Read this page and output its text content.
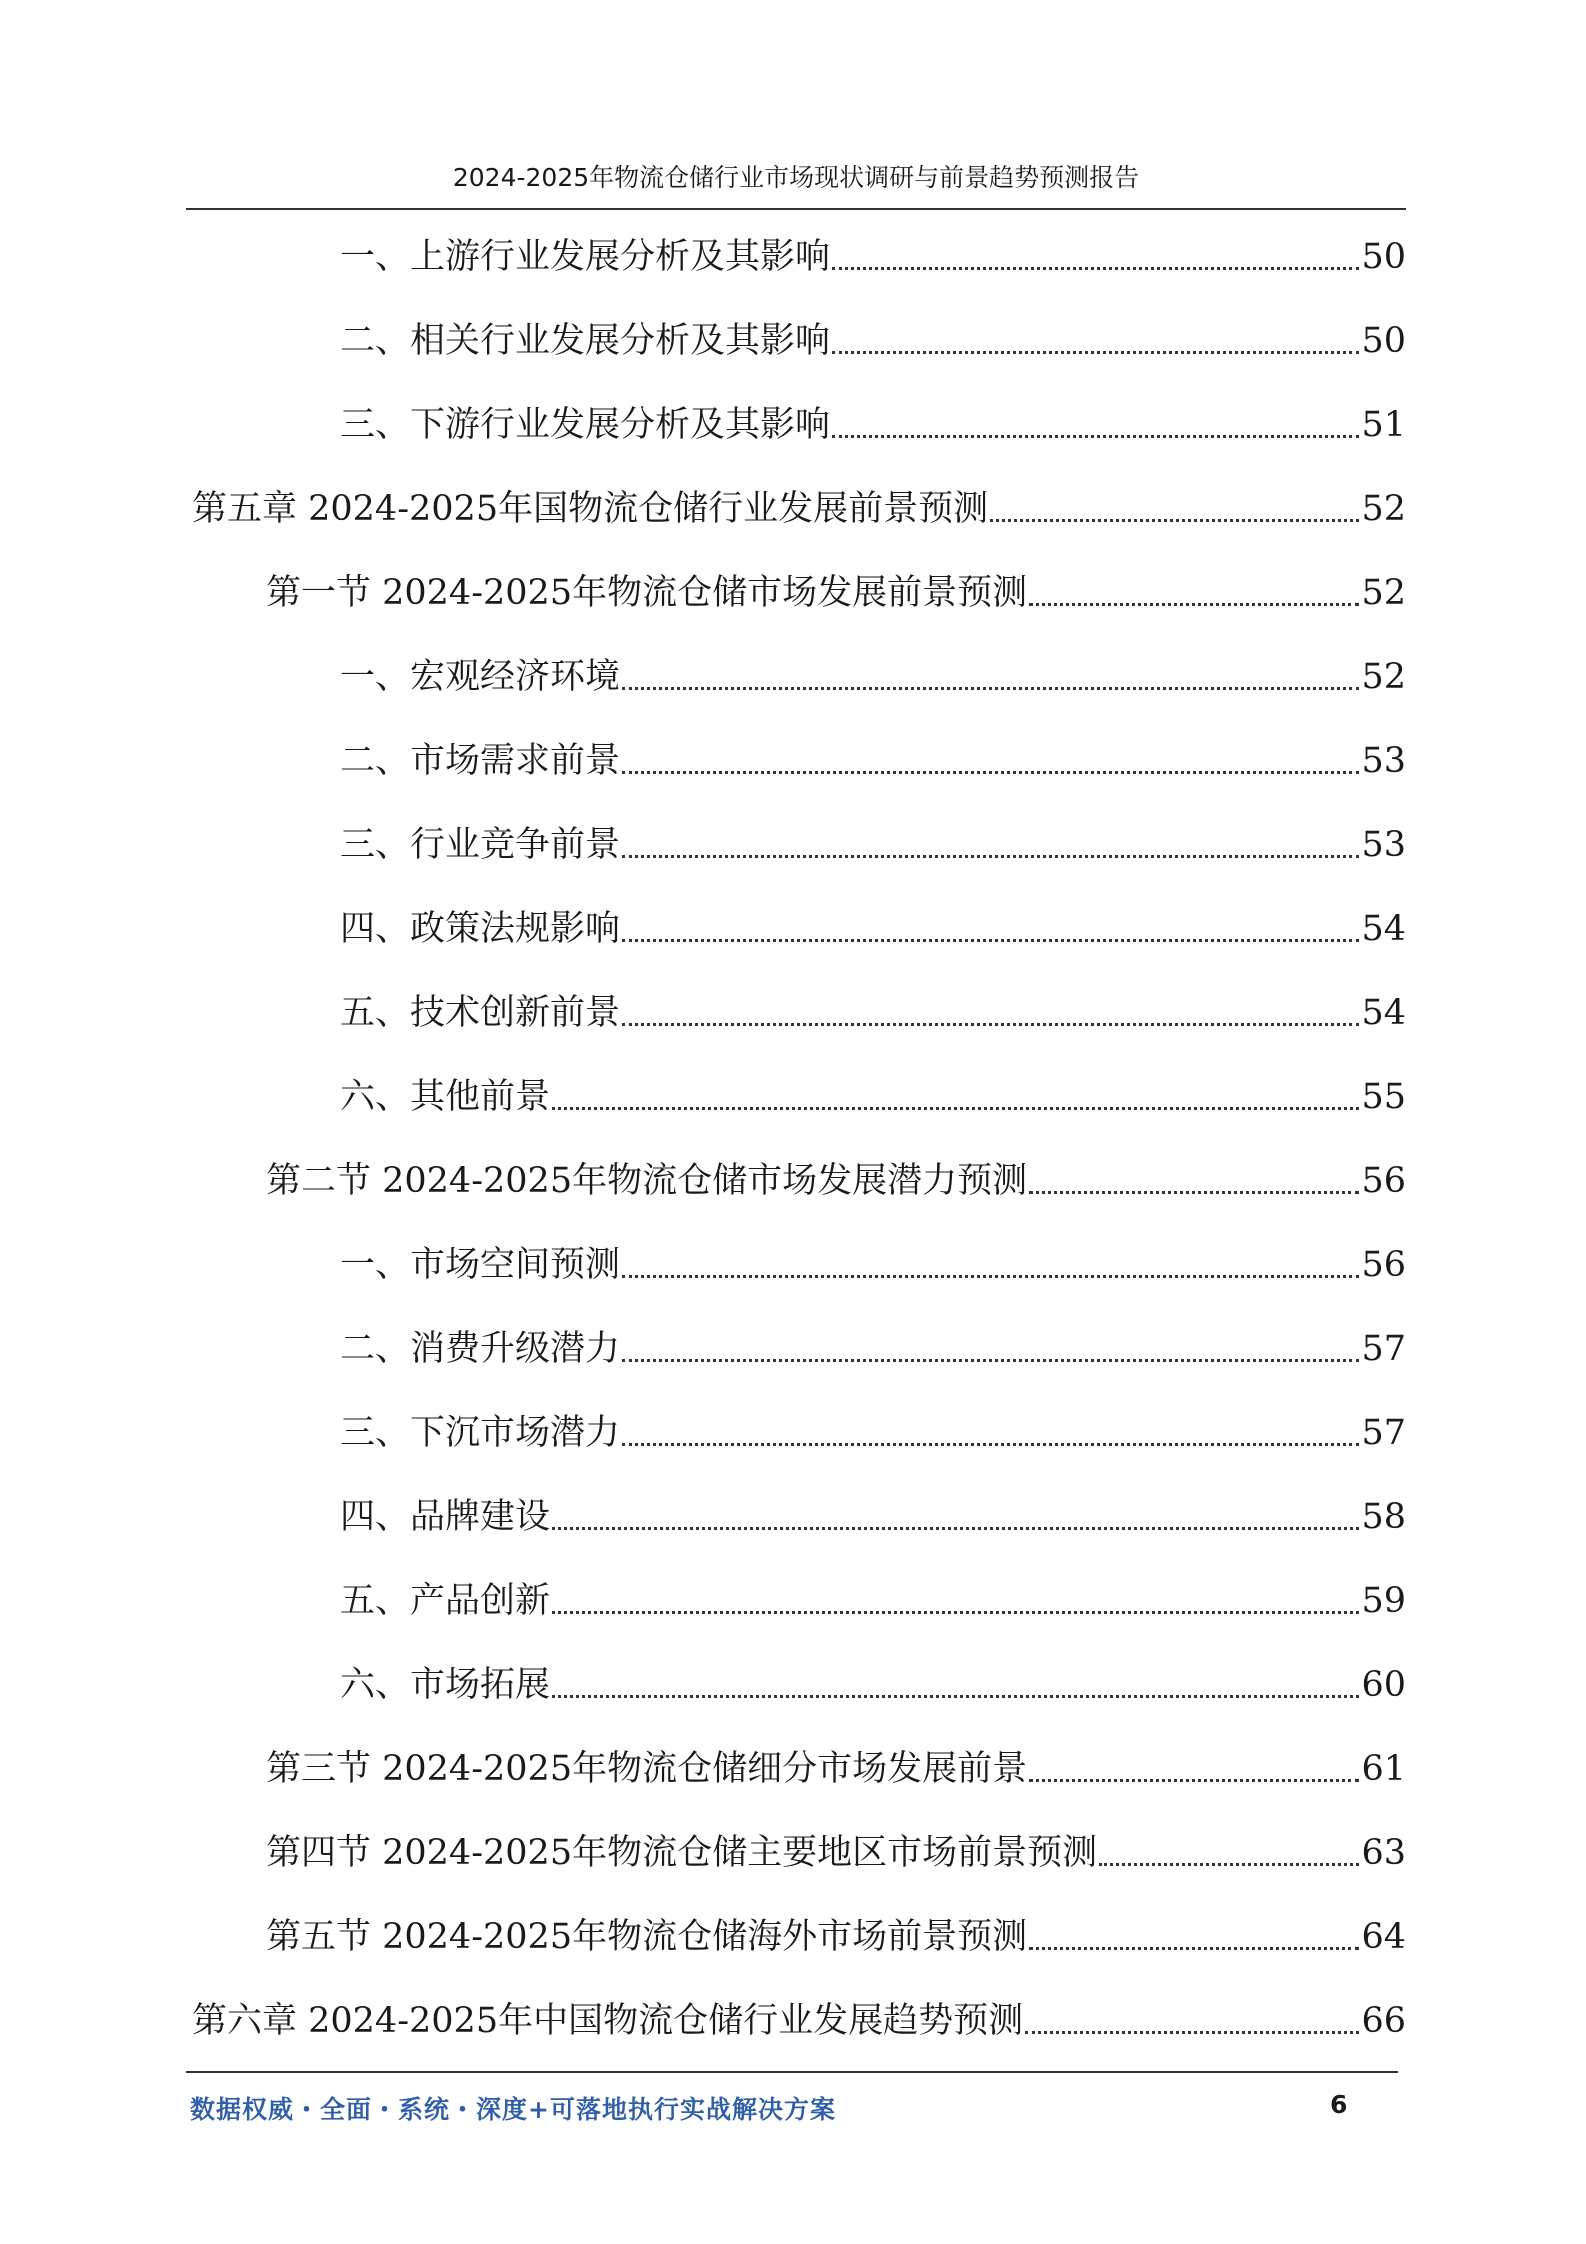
2024-2025年物流仓储行业市场现状调研与前景趋势预测报告
一、上游行业发展分析及其影响	50
二、相关行业发展分析及其影响	50
三、下游行业发展分析及其影响	51
第五章 2024-2025年国物流仓储行业发展前景预测	52
第一节 2024-2025年物流仓储市场发展前景预测	52
一、宏观经济环境	52
二、市场需求前景	53
三、行业竞争前景	53
四、政策法规影响	54
五、技术创新前景	54
六、其他前景	55
第二节 2024-2025年物流仓储市场发展潜力预测	56
一、市场空间预测	56
二、消费升级潜力	57
三、下沉市场潜力	57
四、品牌建设	58
五、产品创新	59
六、市场拓展	60
第三节 2024-2025年物流仓储细分市场发展前景	61
第四节 2024-2025年物流仓储主要地区市场前景预测	63
第五节 2024-2025年物流仓储海外市场前景预测	64
第六章 2024-2025年中国物流仓储行业发展趋势预测	66
数据权威・全面・系统・深度+可落地执行实战解决方案	6
